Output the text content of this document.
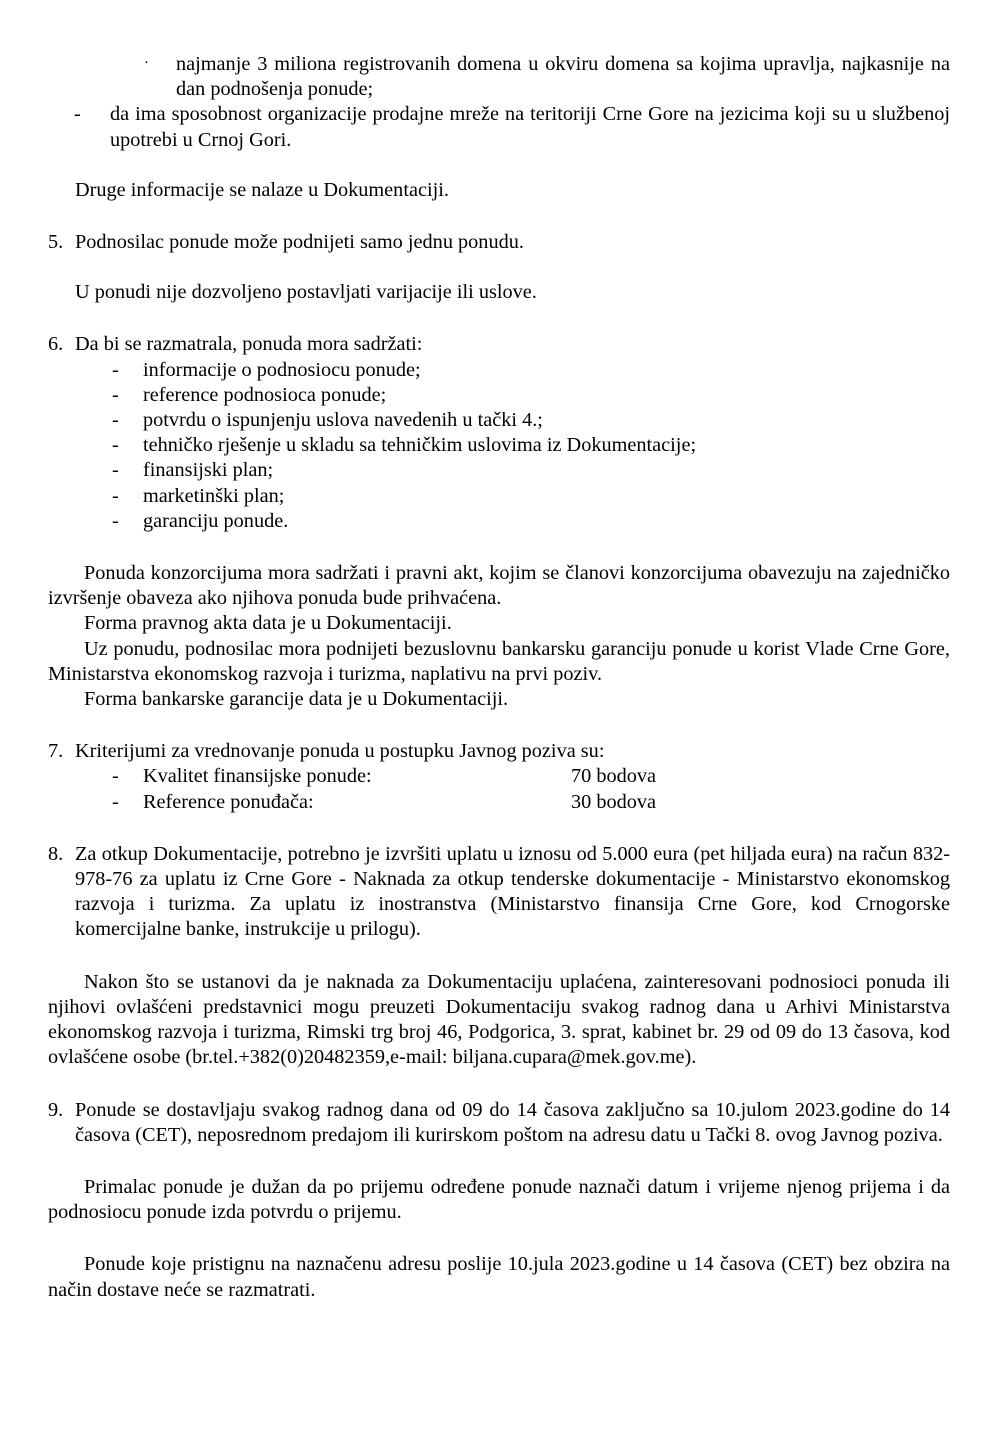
· najmanje 3 miliona registrovanih domena u okviru domena sa kojima upravlja, najkasnije na dan podnošenja ponude;
- da ima sposobnost organizacije prodajne mreže na teritoriji Crne Gore na jezicima koji su u službenoj upotrebi u Crnoj Gori.
Druge informacije se nalaze u Dokumentaciji.
5. Podnosilac ponude može podnijeti samo jednu ponudu.
U ponudi nije dozvoljeno postavljati varijacije ili uslove.
6. Da bi se razmatrala, ponuda mora sadržati:
- informacije o podnosiocu ponude;
- reference podnosioca ponude;
- potvrdu o ispunjenju uslova navedenih u tački 4.;
- tehničko rješenje u skladu sa tehničkim uslovima iz Dokumentacije;
- finansijski plan;
- marketinški plan;
- garanciju ponude.
Ponuda konzorcijuma mora sadržati i pravni akt, kojim se članovi konzorcijuma obavezuju na zajedničko izvršenje obaveza ako njihova ponuda bude prihvaćena.
Forma pravnog akta data je u Dokumentaciji.
Uz ponudu, podnosilac mora podnijeti bezuslovnu bankarsku garanciju ponude u korist Vlade Crne Gore, Ministarstva ekonomskog razvoja i turizma, naplativu na prvi poziv.
Forma bankarske garancije data je u Dokumentaciji.
7. Kriterijumi za vrednovanje ponuda u postupku Javnog poziva su:
- Kvalitet finansijske ponude:	70 bodova
- Reference ponuđača:	30 bodova
8. Za otkup Dokumentacije, potrebno je izvršiti uplatu u iznosu od 5.000 eura (pet hiljada eura) na račun 832-978-76 za uplatu iz Crne Gore - Naknada za otkup tenderske dokumentacije - Ministarstvo ekonomskog razvoja i turizma. Za uplatu iz inostranstva (Ministarstvo finansija Crne Gore, kod Crnogorske komercijalne banke, instrukcije u prilogu).
Nakon što se ustanovi da je naknada za Dokumentaciju uplaćena, zainteresovani podnosioci ponuda ili njihovi ovlašćeni predstavnici mogu preuzeti Dokumentaciju svakog radnog dana u Arhivi Ministarstva ekonomskog razvoja i turizma, Rimski trg broj 46, Podgorica, 3. sprat, kabinet br. 29 od 09 do 13 časova, kod ovlašćene osobe (br.tel.+382(0)20482359,e-mail: biljana.cupara@mek.gov.me).
9. Ponude se dostavljaju svakog radnog dana od 09 do 14 časova zaključno sa 10.julom 2023.godine do 14 časova (CET), neposrednom predajom ili kurirskom poštom na adresu datu u Tački 8. ovog Javnog poziva.
Primalac ponude je dužan da po prijemu određene ponude naznači datum i vrijeme njenog prijema i da podnosiocu ponude izda potvrdu o prijemu.
Ponude koje pristignu na naznačenu adresu poslije 10.jula 2023.godine u 14 časova (CET) bez obzira na način dostave neće se razmatrati.
